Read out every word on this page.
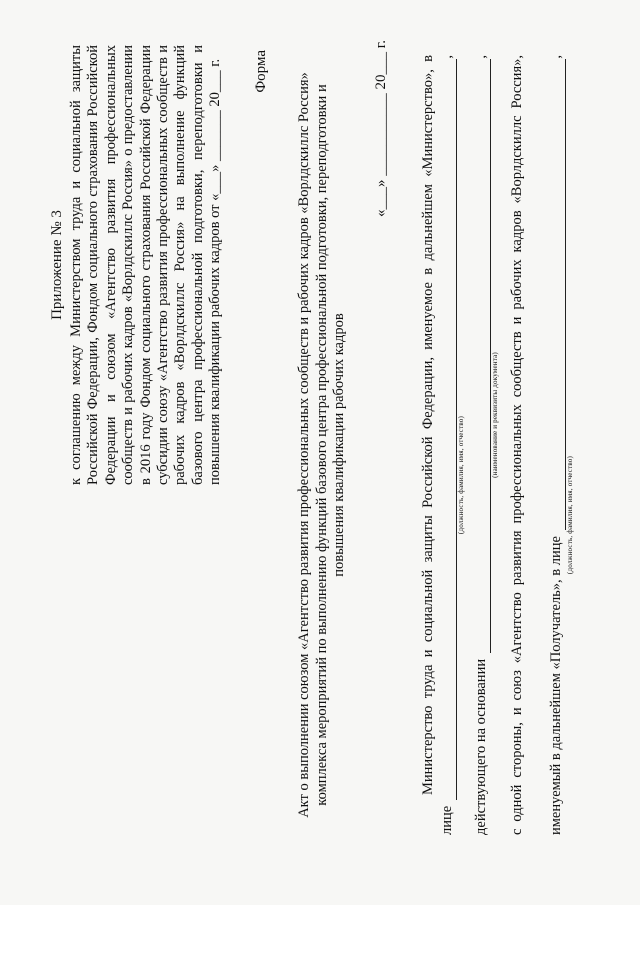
Приложение № 3 к соглашению между Министерством труда и социальной защиты Российской Федерации, Фондом социального страхования Российской Федерации и союзом «Агентство развития профессиональных сообществ и рабочих кадров «Ворлдскиллс Россия» о предоставлении в 2016 году Фондом социального страхования Российской Федерации субсидии союзу «Агентство развития профессиональных сообществ и рабочих кадров «Ворлдскиллс Россия» на выполнение функций базового центра профессиональной подготовки, переподготовки и повышения квалификации рабочих кадров от «___» _______ 20___ г. Форма
Акт о выполнении союзом «Агентство развития профессиональных сообществ и рабочих кадров «Ворлдскиллс Россия» комплекса мероприятий по выполнению функций базового центра профессиональной подготовки, переподготовки и повышения квалификации рабочих кадров
«___» ___________ 20___ г. Министерство труда и социальной защиты Российской Федерации, именуемое в дальнейшем «Министерство», в
лице
,
(должность, фамилия, имя, отчество)
действующего на основании
,
(наименование и реквизиты документа) с одной стороны, и союз «Агентство развития профессиональных сообществ и рабочих кадров «Ворлдскиллс Россия», именуемый в дальнейшем «Получатель», в лице
,
(должность, фамилия, имя, отчество)
